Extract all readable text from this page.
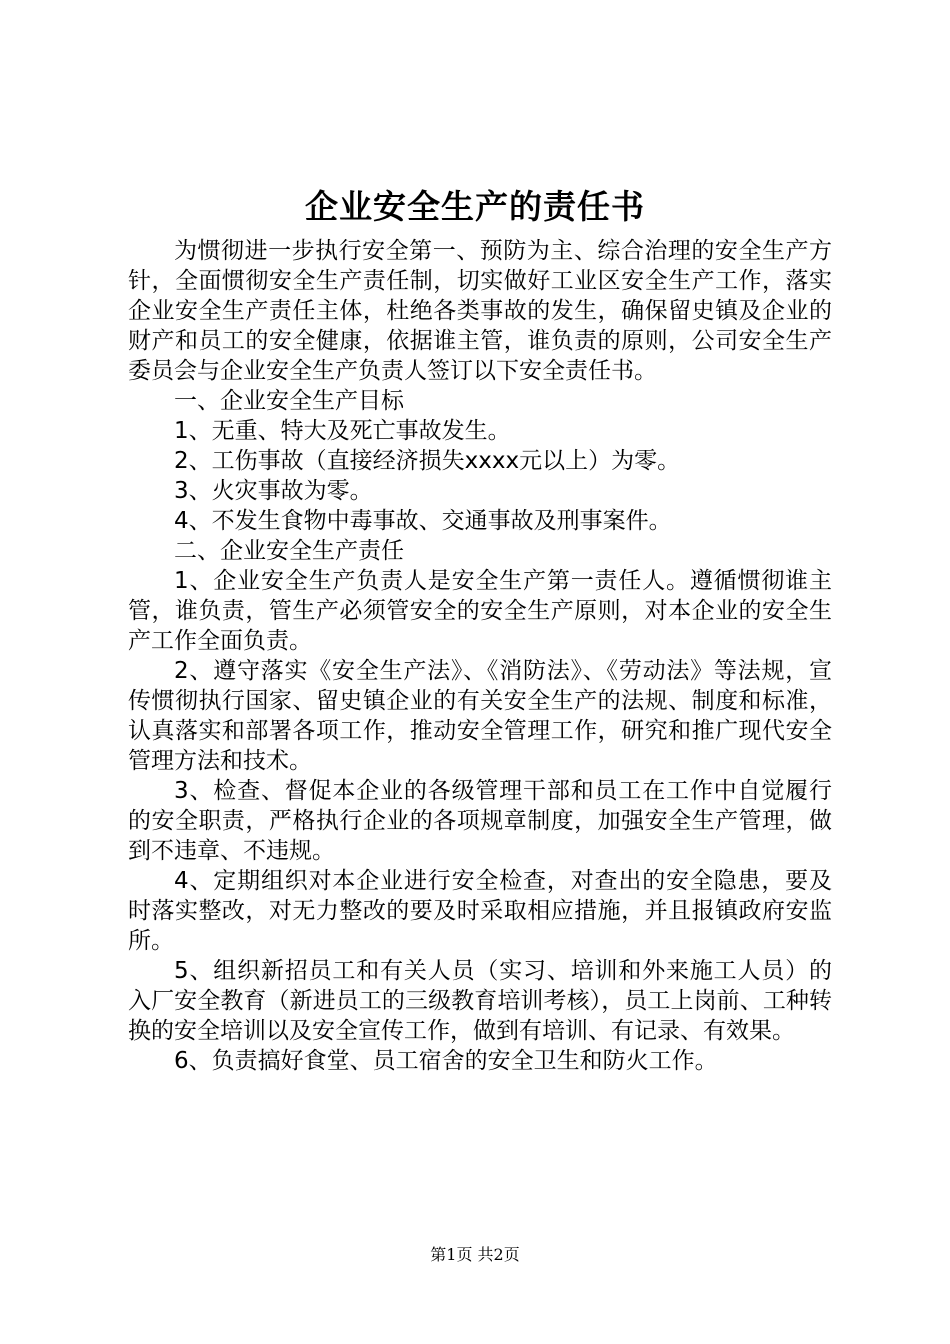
企业安全生产的责任书

为惯彻进一步执行安全第一、预防为主、综合治理的安全生产方针，全面惯彻安全生产责任制，切实做好工业区安全生产工作，落实企业安全生产责任主体，杜绝各类事故的发生，确保留史镇及企业的财产和员工的安全健康，依据谁主管，谁负责的原则，公司安全生产委员会与企业安全生产负责人签订以下安全责任书。

一、企业安全生产目标

1、无重、特大及死亡事故发生。

2、工伤事故（直接经济损失xxxx元以上）为零。

3、火灾事故为零。

4、不发生食物中毒事故、交通事故及刑事案件。

二、企业安全生产责任

1、企业安全生产负责人是安全生产第一责任人。遵循惯彻谁主管，谁负责，管生产必须管安全的安全生产原则，对本企业的安全生产工作全面负责。

2、遵守落实《安全生产法》、《消防法》、《劳动法》等法规，宣传惯彻执行国家、留史镇企业的有关安全生产的法规、制度和标准，认真落实和部署各项工作，推动安全管理工作，研究和推广现代安全管理方法和技术。

3、检查、督促本企业的各级管理干部和员工在工作中自觉履行的安全职责，严格执行企业的各项规章制度，加强安全生产管理，做到不违章、不违规。

4、定期组织对本企业进行安全检查，对查出的安全隐患，要及时落实整改，对无力整改的要及时采取相应措施，并且报镇政府安监所。

5、组织新招员工和有关人员（实习、培训和外来施工人员）的入厂安全教育（新进员工的三级教育培训考核），员工上岗前、工种转换的安全培训以及安全宣传工作，做到有培训、有记录、有效果。

6、负责搞好食堂、员工宿舍的安全卫生和防火工作。

第1页 共2页
